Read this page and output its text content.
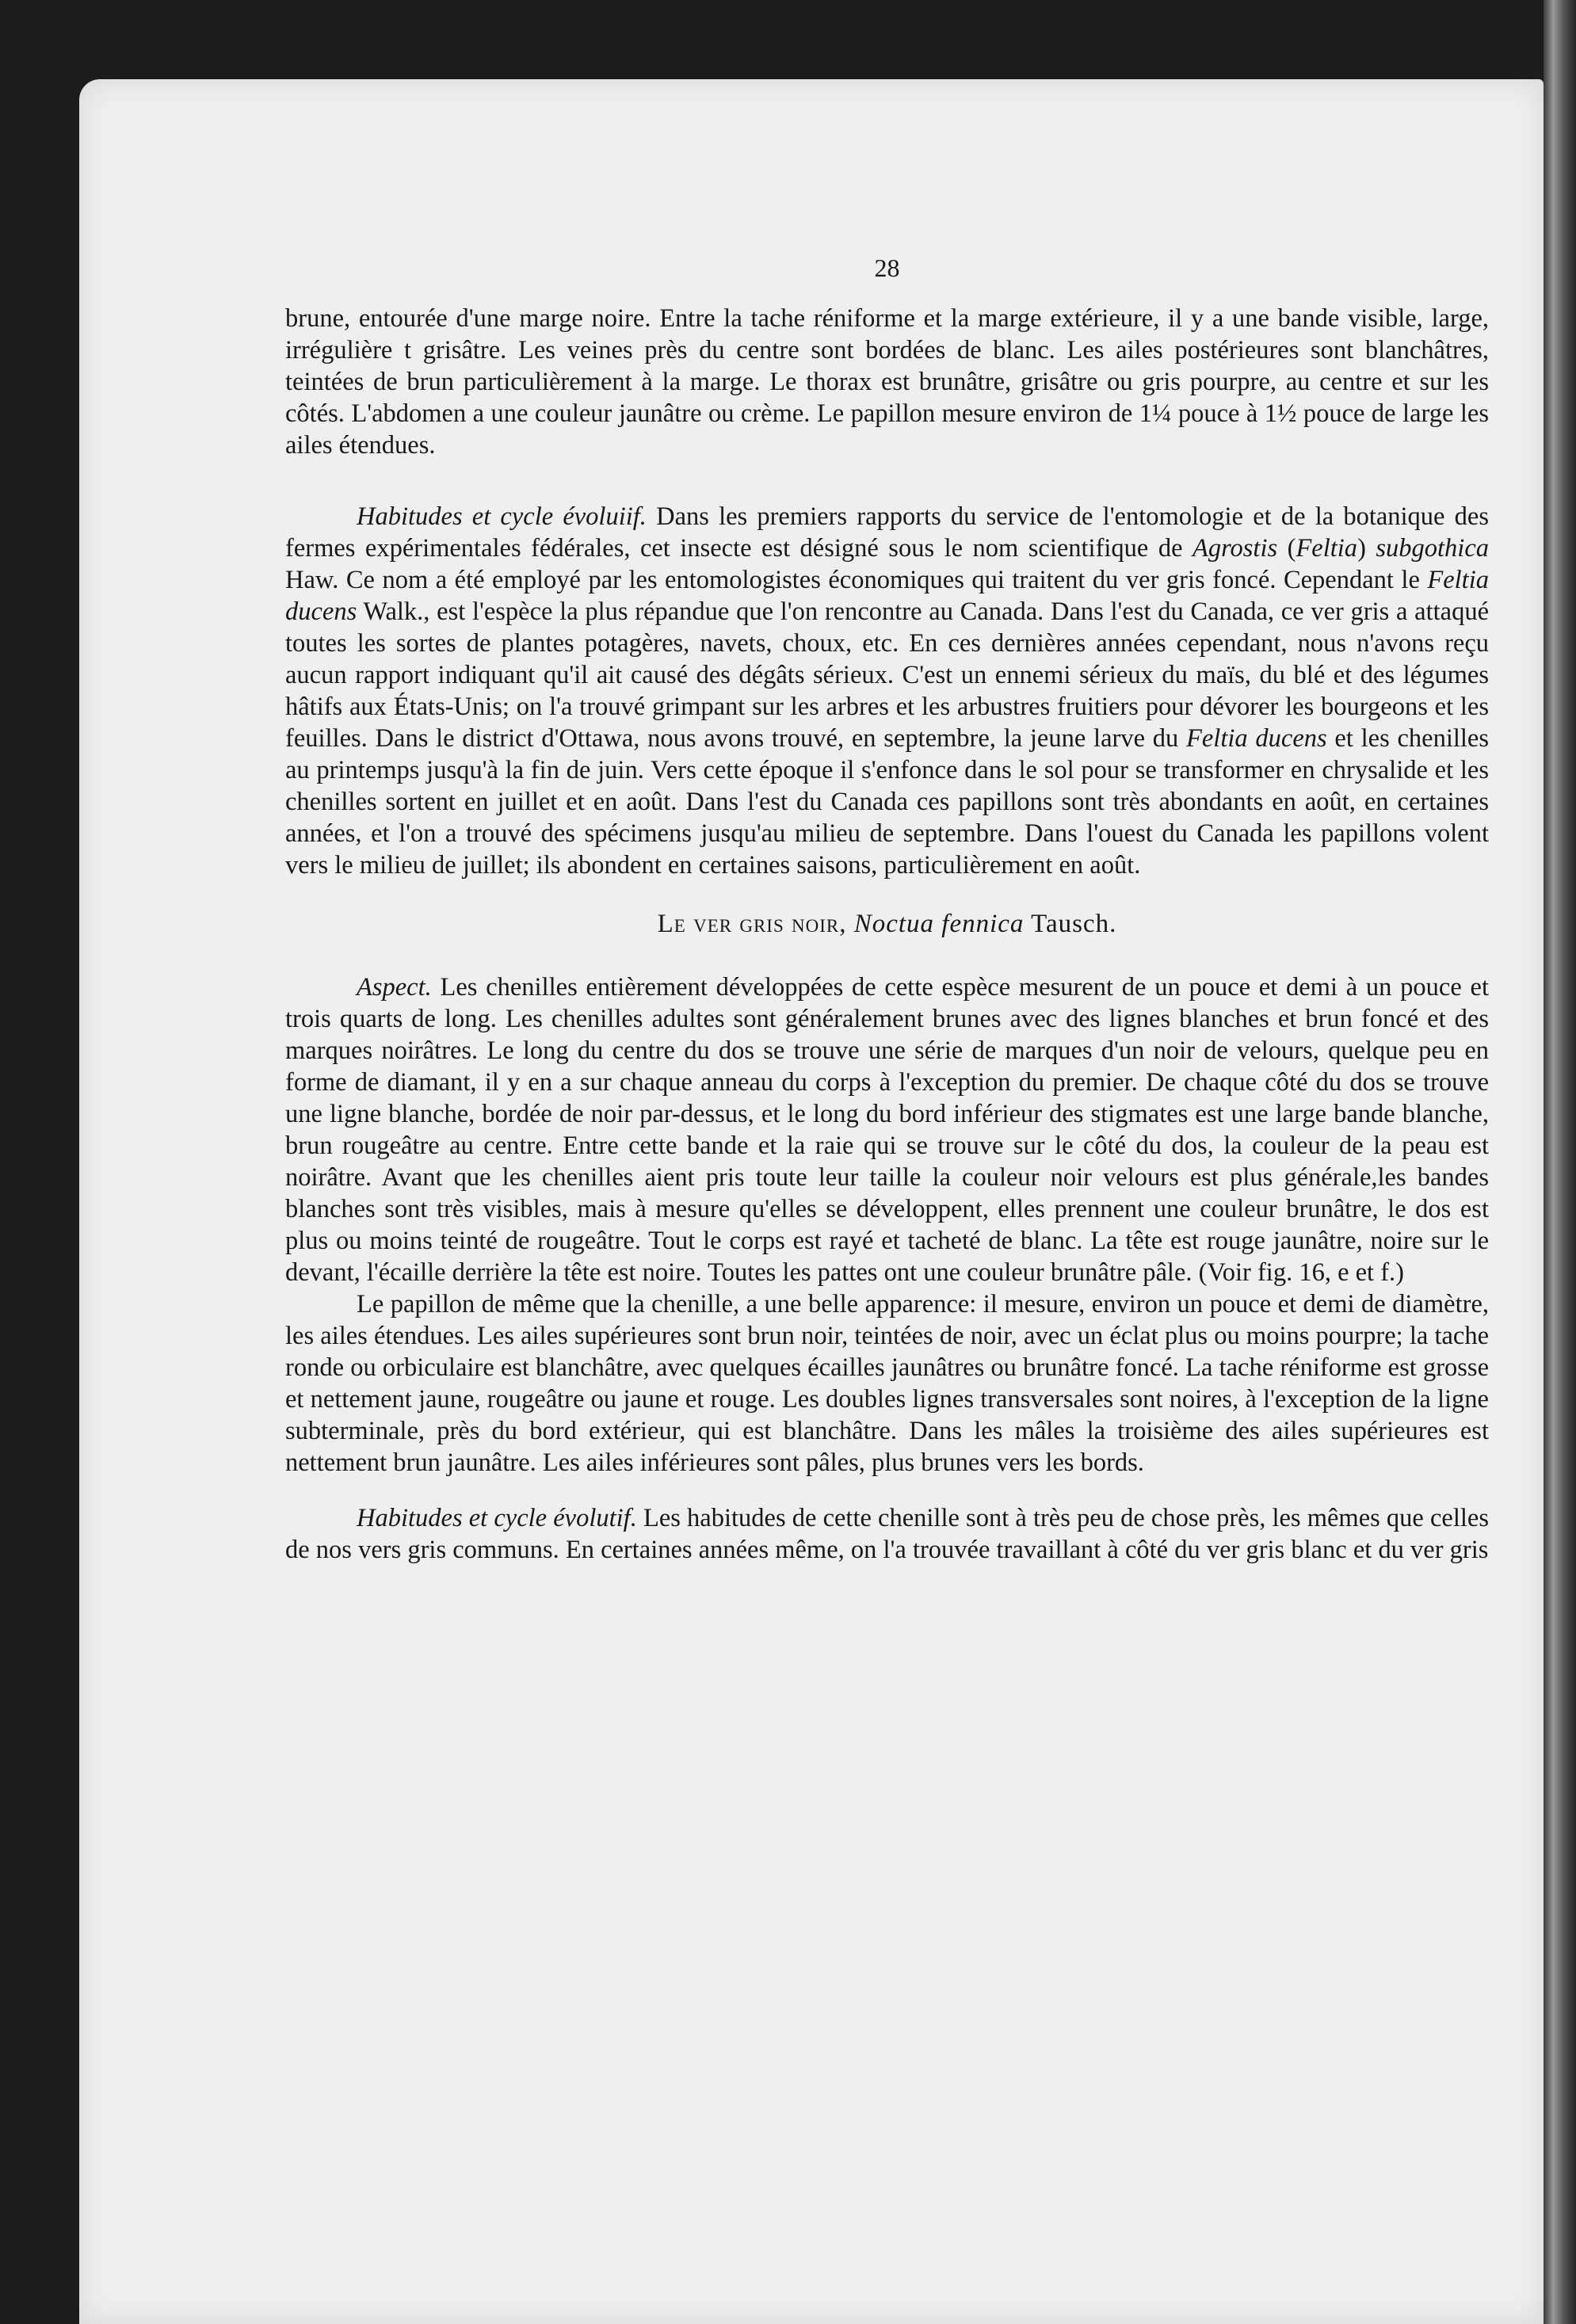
28

brune, entourée d'une marge noire. Entre la tache réniforme et la marge extérieure, il y a une bande visible, large, irrégulière t grisâtre. Les veines près du centre sont bordées de blanc. Les ailes postérieures sont blanchâtres, teintées de brun particulièrement à la marge. Le thorax est brunâtre, grisâtre ou gris pourpre, au centre et sur les côtés. L'abdomen a une couleur jaunâtre ou crème. Le papillon mesure environ de 1¼ pouce à 1½ pouce de large les ailes étendues.

Habitudes et cycle évoluiif. Dans les premiers rapports du service de l'entomologie et de la botanique des fermes expérimentales fédérales, cet insecte est désigné sous le nom scientifique de Agrostis (Feltia) subgothica Haw. Ce nom a été employé par les entomologistes économiques qui traitent du ver gris foncé. Cependant le Feltia ducens Walk., est l'espèce la plus répandue que l'on rencontre au Canada. Dans l'est du Canada, ce ver gris a attaqué toutes les sortes de plantes potagères, navets, choux, etc. En ces dernières années cependant, nous n'avons reçu aucun rapport indiquant qu'il ait causé des dégâts sérieux. C'est un ennemi sérieux du maïs, du blé et des légumes hâtifs aux États-Unis; on l'a trouvé grimpant sur les arbres et les arbustres fruitiers pour dévorer les bourgeons et les feuilles. Dans le district d'Ottawa, nous avons trouvé, en septembre, la jeune larve du Feltia ducens et les chenilles au printemps jusqu'à la fin de juin. Vers cette époque il s'enfonce dans le sol pour se transformer en chrysalide et les chenilles sortent en juillet et en août. Dans l'est du Canada ces papillons sont très abondants en août, en certaines années, et l'on a trouvé des spécimens jusqu'au milieu de septembre. Dans l'ouest du Canada les papillons volent vers le milieu de juillet; ils abondent en certaines saisons, particulièrement en août.

Le ver gris noir, Noctua fennica Tausch.

Aspect. Les chenilles entièrement développées de cette espèce mesurent de un pouce et demi à un pouce et trois quarts de long. Les chenilles adultes sont généralement brunes avec des lignes blanches et brun foncé et des marques noirâtres. Le long du centre du dos se trouve une série de marques d'un noir de velours, quelque peu en forme de diamant, il y en a sur chaque anneau du corps à l'exception du premier. De chaque côté du dos se trouve une ligne blanche, bordée de noir par-dessus, et le long du bord inférieur des stigmates est une large bande blanche, brun rougeâtre au centre. Entre cette bande et la raie qui se trouve sur le côté du dos, la couleur de la peau est noirâtre. Avant que les chenilles aient pris toute leur taille la couleur noir velours est plus générale,les bandes blanches sont très visibles, mais à mesure qu'elles se développent, elles prennent une couleur brunâtre, le dos est plus ou moins teinté de rougeâtre. Tout le corps est rayé et tacheté de blanc. La tête est rouge jaunâtre, noire sur le devant, l'écaille derrière la tête est noire. Toutes les pattes ont une couleur brunâtre pâle. (Voir fig. 16, e et f.)

Le papillon de même que la chenille, a une belle apparence: il mesure, environ un pouce et demi de diamètre, les ailes étendues. Les ailes supérieures sont brun noir, teintées de noir, avec un éclat plus ou moins pourpre; la tache ronde ou orbiculaire est blanchâtre, avec quelques écailles jaunâtres ou brunâtre foncé. La tache réniforme est grosse et nettement jaune, rougeâtre ou jaune et rouge. Les doubles lignes transversales sont noires, à l'exception de la ligne subterminale, près du bord extérieur, qui est blanchâtre. Dans les mâles la troisième des ailes supérieures est nettement brun jaunâtre. Les ailes inférieures sont pâles, plus brunes vers les bords.

Habitudes et cycle évolutif. Les habitudes de cette chenille sont à très peu de chose près, les mêmes que celles de nos vers gris communs. En certaines années même, on l'a trouvée travaillant à côté du ver gris blanc et du ver gris
